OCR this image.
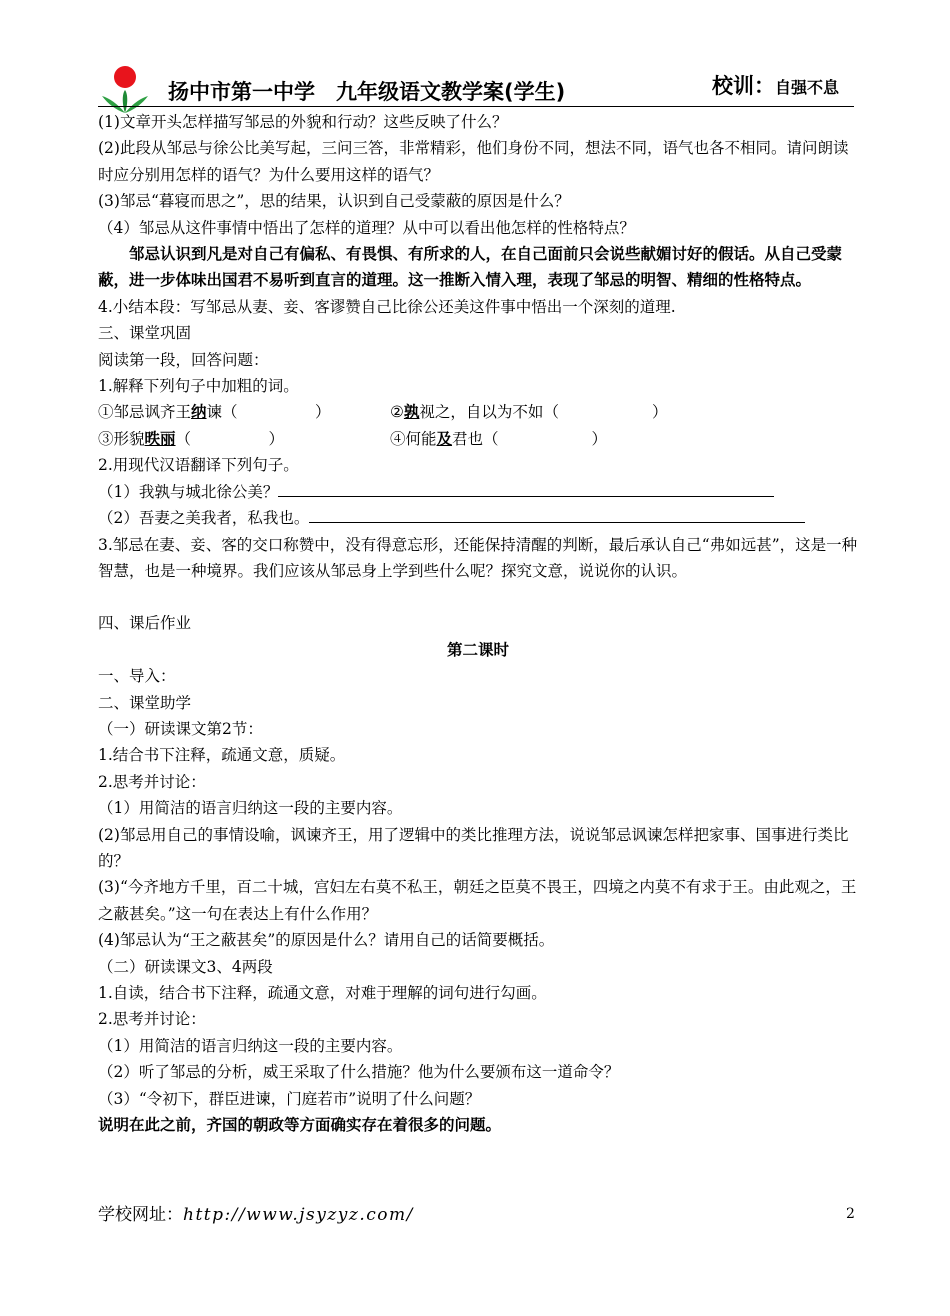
扬中市第一中学　九年级语文教学案(学生)	校训：自强不息

(1)文章开头怎样描写邹忌的外貌和行动？这些反映了什么？

(2)此段从邹忌与徐公比美写起，三问三答，非常精彩，他们身份不同，想法不同，语气也各不相同。请问朗读时应分别用怎样的语气？为什么要用这样的语气？

(3)邹忌“暮寝而思之”，思的结果，认识到自己受蒙蔽的原因是什么？

（4）邹忌从这件事情中悟出了怎样的道理？从中可以看出他怎样的性格特点？

邹忌认识到凡是对自己有偏私、有畏惧、有所求的人，在自己面前只会说些献媚讨好的假话。从自己受蒙蔽，进一步体味出国君不易听到直言的道理。这一推断入情入理，表现了邹忌的明智、精细的性格特点。

4.小结本段：写邹忌从妻、妾、客谬赞自己比徐公还美这件事中悟出一个深刻的道理.

三、课堂巩固

阅读第一段，回答问题：

1.解释下列句子中加粗的词。

①邹忌讽齐王纳谏（　　　　　）	②孰视之，自以为不如（　　　　　　）
③形貌昳丽（　　　　　）	④何能及君也（　　　　　　）

2.用现代汉语翻译下列句子。

（1）我孰与城北徐公美？

（2）吾妻之美我者，私我也。

3.邹忌在妻、妾、客的交口称赞中，没有得意忘形，还能保持清醒的判断，最后承认自己“弗如远甚”，这是一种智慧，也是一种境界。我们应该从邹忌身上学到些什么呢？探究文意，说说你的认识。

四、课后作业

第二课时

一、导入：

二、课堂助学

（一）研读课文第2节：

1.结合书下注释，疏通文意，质疑。

2.思考并讨论：

（1）用简洁的语言归纳这一段的主要内容。

(2)邹忌用自己的事情设喻，讽谏齐王，用了逻辑中的类比推理方法，说说邹忌讽谏怎样把家事、国事进行类比的？

(3)“今齐地方千里，百二十城，宫妇左右莫不私王，朝廷之臣莫不畏王，四境之内莫不有求于王。由此观之，王之蔽甚矣。”这一句在表达上有什么作用？

(4)邹忌认为“王之蔽甚矣”的原因是什么？请用自己的话简要概括。

（二）研读课文3、4两段

1.自读，结合书下注释，疏通文意，对难于理解的词句进行勾画。

2.思考并讨论：

（1）用简洁的语言归纳这一段的主要内容。

（2）听了邹忌的分析，威王采取了什么措施？他为什么要颁布这一道命令？

（3）“令初下，群臣进谏，门庭若市”说明了什么问题？

说明在此之前，齐国的朝政等方面确实存在着很多的问题。

学校网址：http://www.jsyzyz.com/	2
